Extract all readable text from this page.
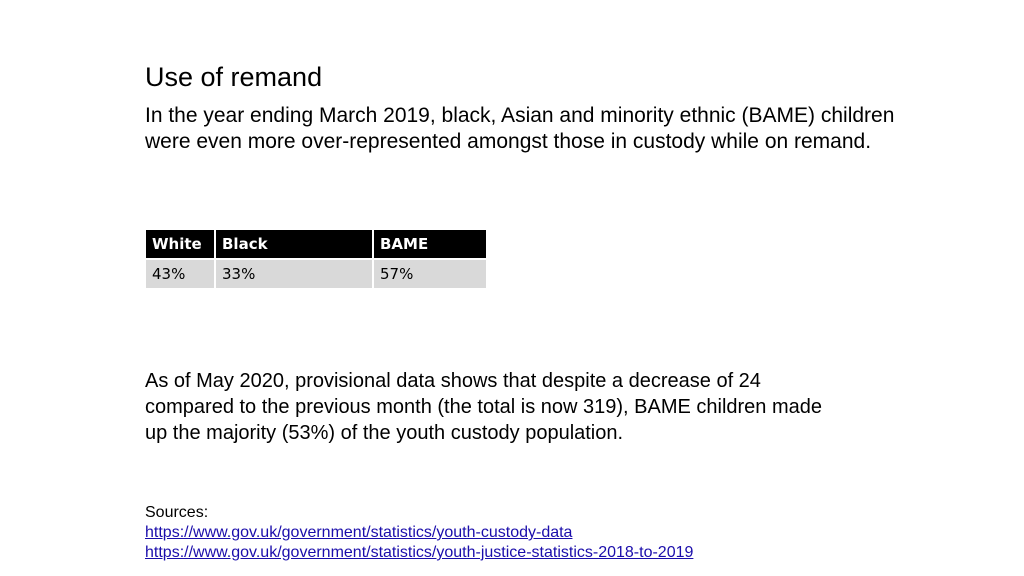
Use of remand
In the year ending March 2019, black, Asian and minority ethnic (BAME) children were even more over-represented amongst those in custody while on remand.
White	Black	BAME
43%	33%	57%
As of May 2020, provisional data shows that despite a decrease of 24 compared to the previous month (the total is now 319), BAME children made up the majority (53%) of the youth custody population.
Sources:
https://www.gov.uk/government/statistics/youth-custody-data
https://www.gov.uk/government/statistics/youth-justice-statistics-2018-to-2019
